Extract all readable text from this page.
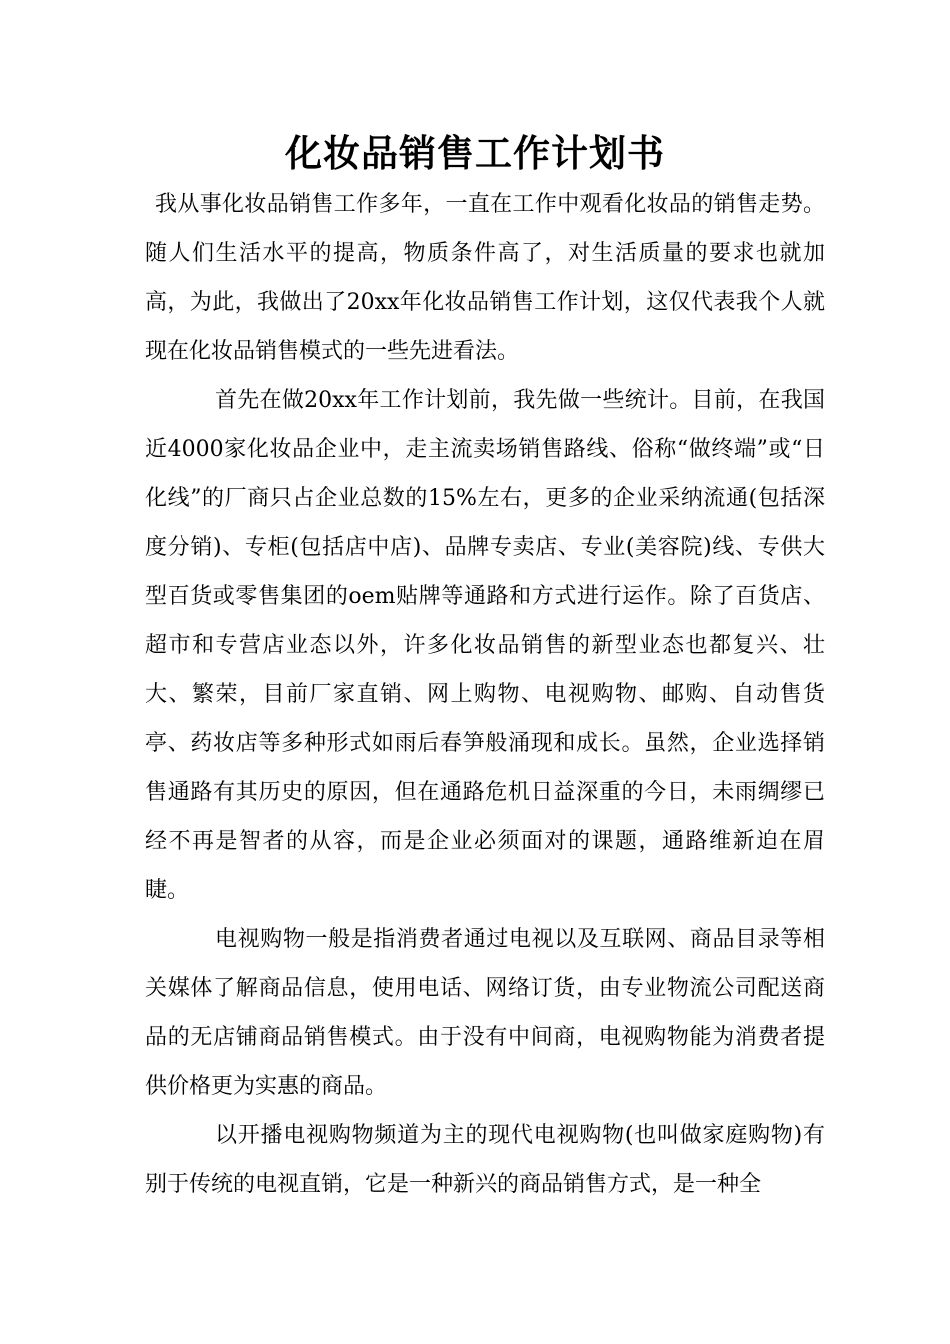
化妆品销售工作计划书

我从事化妆品销售工作多年，一直在工作中观看化妆品的销售走势。随人们生活水平的提高，物质条件高了，对生活质量的要求也就加高，为此，我做出了20xx年化妆品销售工作计划，这仅代表我个人就现在化妆品销售模式的一些先进看法。

首先在做20xx年工作计划前，我先做一些统计。目前，在我国近4000家化妆品企业中，走主流卖场销售路线、俗称“做终端”或“日化线”的厂商只占企业总数的15%左右，更多的企业采纳流通(包括深度分销)、专柜(包括店中店)、品牌专卖店、专业(美容院)线、专供大型百货或零售集团的oem贴牌等通路和方式进行运作。除了百货店、超市和专营店业态以外，许多化妆品销售的新型业态也都复兴、壮大、繁荣，目前厂家直销、网上购物、电视购物、邮购、自动售货亭、药妆店等多种形式如雨后春笋般涌现和成长。虽然，企业选择销售通路有其历史的原因，但在通路危机日益深重的今日，未雨绸缪已经不再是智者的从容，而是企业必须面对的课题，通路维新迫在眉睫。

电视购物一般是指消费者通过电视以及互联网、商品目录等相关媒体了解商品信息，使用电话、网络订货，由专业物流公司配送商品的无店铺商品销售模式。由于没有中间商，电视购物能为消费者提供价格更为实惠的商品。

以开播电视购物频道为主的现代电视购物(也叫做家庭购物)有别于传统的电视直销，它是一种新兴的商品销售方式，是一种全
